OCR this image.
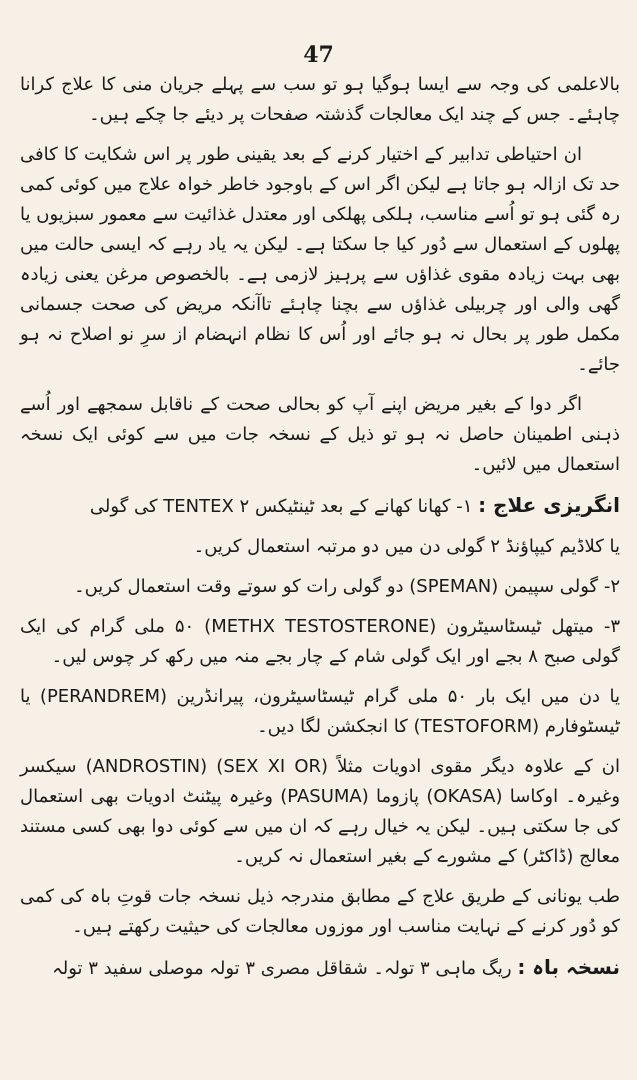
47

بالاعلمی کی وجہ سے ایسا ہوگیا ہو تو سب سے پہلے جریان منی کا علاج کرانا چاہئے۔ جس کے چند ایک معالجات گذشتہ صفحات پر دیئے جا چکے ہیں۔

ان احتیاطی تدابیر کے اختیار کرنے کے بعد یقینی طور پر اس شکایت کا کافی حد تک ازالہ ہو جاتا ہے لیکن اگر اس کے باوجود خاطر خواہ علاج میں کوئی کمی رہ گئی ہو تو اُسے مناسب، ہلکی پھلکی اور معتدل غذائیت سے معمور سبزیوں یا پھلوں کے استعمال سے دُور کیا جا سکتا ہے۔ لیکن یہ یاد رہے کہ ایسی حالت میں بھی بہت زیادہ مقوی غذاؤں سے پرہیز لازمی ہے۔ بالخصوص مرغن یعنی زیادہ گھی والی اور چربیلی غذاؤں سے بچنا چاہئے تاآنکہ مریض کی صحت جسمانی مکمل طور پر بحال نہ ہو جائے اور اُس کا نظام انہضام از سرِ نو اصلاح نہ ہو جائے۔

اگر دوا کے بغیر مریض اپنے آپ کو بحالی صحت کے ناقابل سمجھے اور اُسے ذہنی اطمینان حاصل نہ ہو تو ذیل کے نسخہ جات میں سے کوئی ایک نسخہ استعمال میں لائیں۔

انگریزی علاج : ۱- کھانا کھانے کے بعد ٹینٹیکس TENTEX ۲ کی گولی

یا کلاڈیم کیپاؤنڈ ۲ گولی دن میں دو مرتبہ استعمال کریں۔

۲- گولی سپیمن (SPEMAN) دو گولی رات کو سوتے وقت استعمال کریں۔

۳- میتھل ٹیسٹاسیٹرون (METHX TESTOSTERONE) ۵۰ ملی گرام کی ایک گولی صبح ۸ بجے اور ایک گولی شام کے چار بجے منہ میں رکھ کر چوس لیں۔

یا دن میں ایک بار ۵۰ ملی گرام ٹیسٹاسیٹرون، پیرانڈرین (PERANDREM) یا ٹیسٹوفارم (TESTOFORM) کا انجکشن لگا دیں۔

ان کے علاوہ دیگر مقوی ادویات مثلاً (SEX XI OR) (ANDROSTIN) سیکسر وغیرہ۔ اوکاسا (OKASA) پازوما (PASUMA) وغیرہ پیٹنٹ ادویات بھی استعمال کی جا سکتی ہیں۔ لیکن یہ خیال رہے کہ ان میں سے کوئی دوا بھی کسی مستند معالج (ڈاکٹر) کے مشورے کے بغیر استعمال نہ کریں۔

طب یونانی کے طریق علاج کے مطابق مندرجہ ذیل نسخہ جات قوتِ باہ کی کمی کو دُور کرنے کے نہایت مناسب اور موزوں معالجات کی حیثیت رکھتے ہیں۔

نسخہ باہ : ریگ ماہی ۳ تولہ۔ شقاقل مصری ۳ تولہ موصلی سفید ۳ تولہ
